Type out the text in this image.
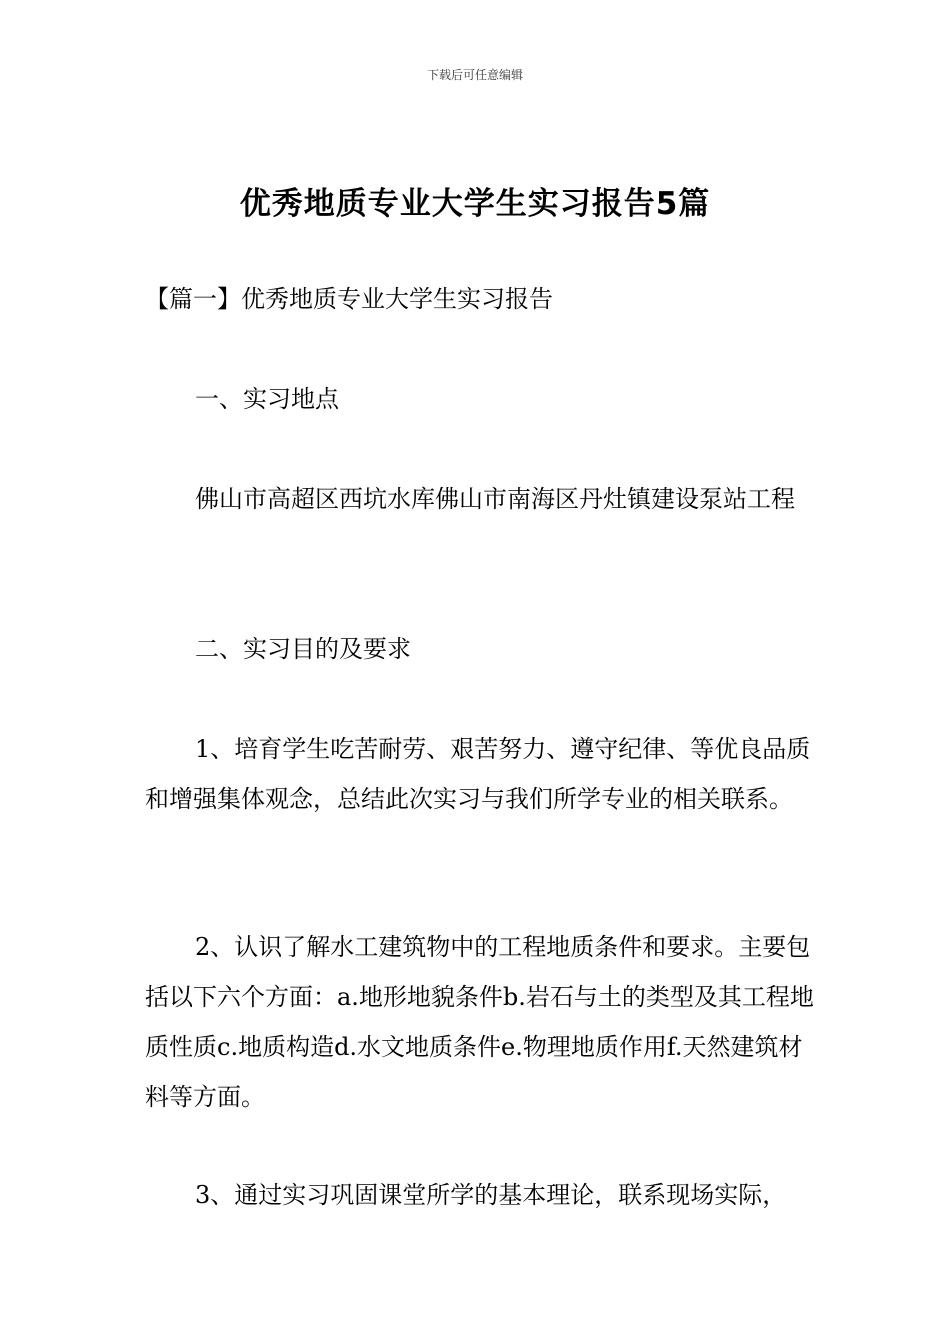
下载后可任意编辑
优秀地质专业大学生实习报告5篇

【篇一】优秀地质专业大学生实习报告

一、实习地点

佛山市高超区西坑水库佛山市南海区丹灶镇建设泵站工程

二、实习目的及要求

1、培育学生吃苦耐劳、艰苦努力、遵守纪律、等优良品质和增强集体观念，总结此次实习与我们所学专业的相关联系。

2、认识了解水工建筑物中的工程地质条件和要求。主要包括以下六个方面：a.地形地貌条件b.岩石与土的类型及其工程地质性质c.地质构造d.水文地质条件e.物理地质作用f.天然建筑材料等方面。

3、通过实习巩固课堂所学的基本理论，联系现场实际，
